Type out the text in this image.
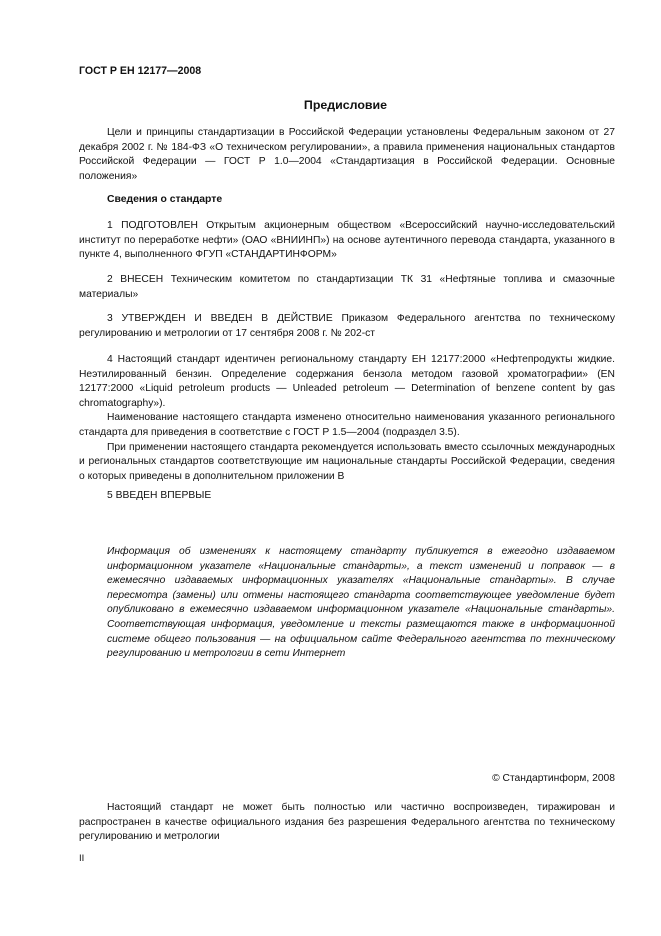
ГОСТ Р ЕН 12177—2008
Предисловие

Цели и принципы стандартизации в Российской Федерации установлены Федеральным законом от 27 декабря 2002 г. № 184-ФЗ «О техническом регулировании», а правила применения национальных стандартов Российской Федерации — ГОСТ Р 1.0—2004 «Стандартизация в Российской Федерации. Основные положения»

Сведения о стандарте

1 ПОДГОТОВЛЕН Открытым акционерным обществом «Всероссийский научно-исследовательский институт по переработке нефти» (ОАО «ВНИИНП») на основе аутентичного перевода стандарта, указанного в пункте 4, выполненного ФГУП «СТАНДАРТИНФОРМ»

2 ВНЕСЕН Техническим комитетом по стандартизации ТК 31 «Нефтяные топлива и смазочные материалы»

3 УТВЕРЖДЕН И ВВЕДЕН В ДЕЙСТВИЕ Приказом Федерального агентства по техническому регулированию и метрологии от 17 сентября 2008 г. № 202-ст

4 Настоящий стандарт идентичен региональному стандарту ЕН 12177:2000 «Нефтепродукты жидкие. Неэтилированный бензин. Определение содержания бензола методом газовой хроматографии» (EN 12177:2000 «Liquid petroleum products — Unleaded petroleum — Determination of benzene content by gas chromatography»).

Наименование настоящего стандарта изменено относительно наименования указанного регионального стандарта для приведения в соответствие с ГОСТ Р 1.5—2004 (подраздел 3.5).

При применении настоящего стандарта рекомендуется использовать вместо ссылочных международных и региональных стандартов соответствующие им национальные стандарты Российской Федерации, сведения о которых приведены в дополнительном приложении В

5 ВВЕДЕН ВПЕРВЫЕ

Информация об изменениях к настоящему стандарту публикуется в ежегодно издаваемом информационном указателе «Национальные стандарты», а текст изменений и поправок — в ежемесячно издаваемых информационных указателях «Национальные стандарты». В случае пересмотра (замены) или отмены настоящего стандарта соответствующее уведомление будет опубликовано в ежемесячно издаваемом информационном указателе «Национальные стандарты». Соответствующая информация, уведомление и тексты размещаются также в информационной системе общего пользования — на официальном сайте Федерального агентства по техническому регулированию и метрологии в сети Интернет

© Стандартинформ, 2008

Настоящий стандарт не может быть полностью или частично воспроизведен, тиражирован и распространен в качестве официального издания без разрешения Федерального агентства по техническому регулированию и метрологии

II
